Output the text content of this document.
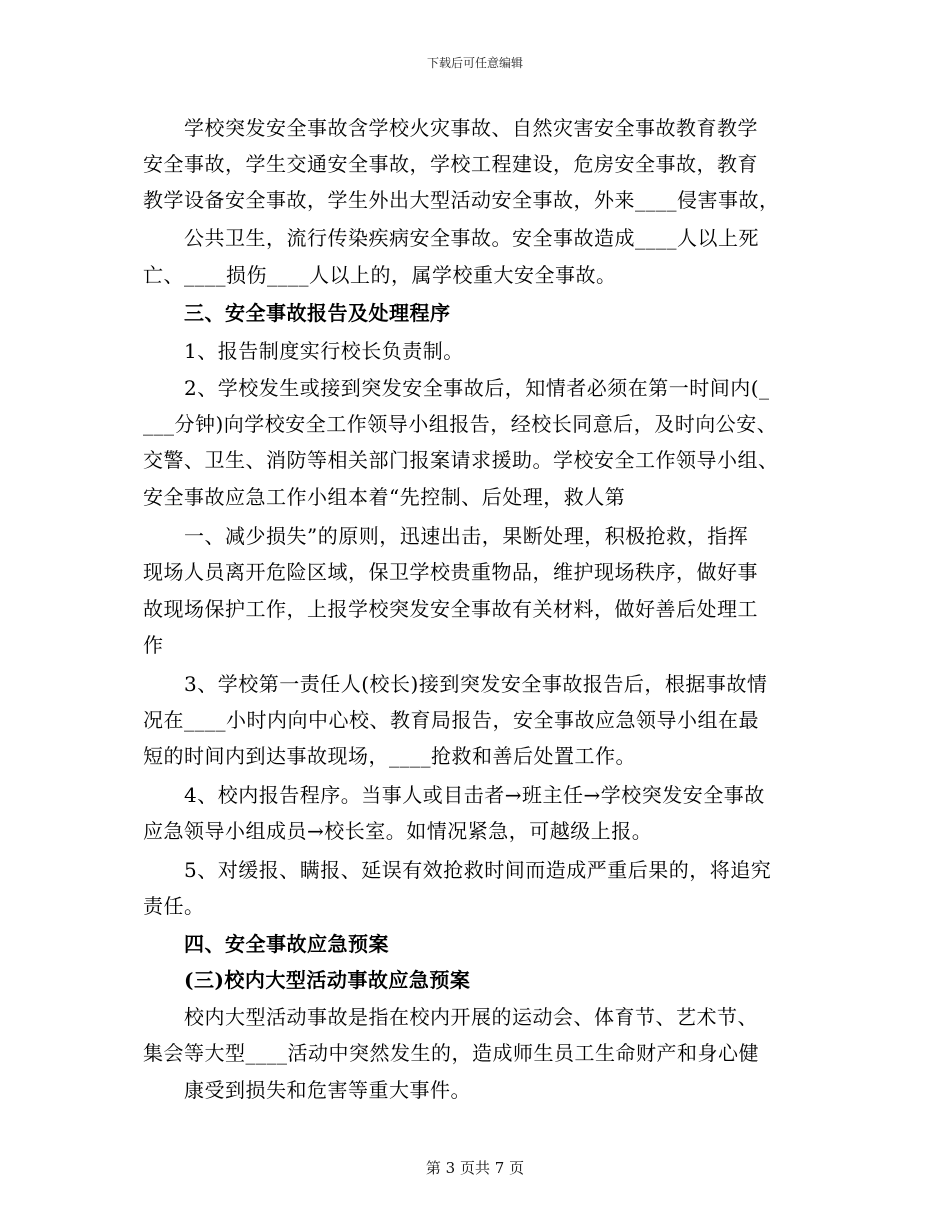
下载后可任意编辑
　　学校突发安全事故含学校火灾事故、自然灾害安全事故教育教学
安全事故，学生交通安全事故，学校工程建设，危房安全事故，教育
教学设备安全事故，学生外出大型活动安全事故，外来____侵害事故，
　　公共卫生，流行传染疾病安全事故。安全事故造成____人以上死
亡、____损伤____人以上的，属学校重大安全事故。
　　三、安全事故报告及处理程序
　　1、报告制度实行校长负责制。
　　2、学校发生或接到突发安全事故后，知情者必须在第一时间内(_
___分钟)向学校安全工作领导小组报告，经校长同意后，及时向公安、
交警、卫生、消防等相关部门报案请求援助。学校安全工作领导小组、
安全事故应急工作小组本着“先控制、后处理，救人第
　　一、减少损失”的原则，迅速出击，果断处理，积极抢救，指挥
现场人员离开危险区域，保卫学校贵重物品，维护现场秩序，做好事
故现场保护工作，上报学校突发安全事故有关材料，做好善后处理工
作
　　3、学校第一责任人(校长)接到突发安全事故报告后，根据事故情
况在____小时内向中心校、教育局报告，安全事故应急领导小组在最
短的时间内到达事故现场，____抢救和善后处置工作。
　　4、校内报告程序。当事人或目击者→班主任→学校突发安全事故
应急领导小组成员→校长室。如情况紧急，可越级上报。
　　5、对缓报、瞒报、延误有效抢救时间而造成严重后果的，将追究
责任。
　　四、安全事故应急预案
　　(三)校内大型活动事故应急预案
　　校内大型活动事故是指在校内开展的运动会、体育节、艺术节、
集会等大型____活动中突然发生的，造成师生员工生命财产和身心健
　　康受到损失和危害等重大事件。
第 3 页共 7 页
